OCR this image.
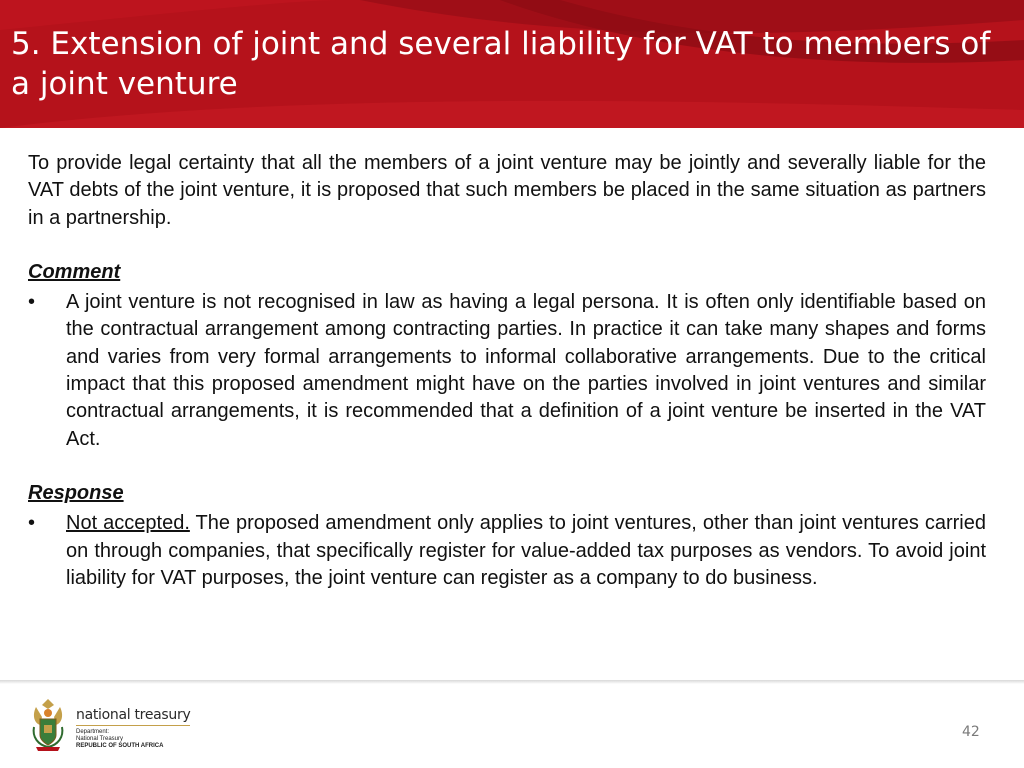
5. Extension of joint and several liability for VAT to members of a joint venture

To provide legal certainty that all the members of a joint venture may be jointly and severally liable for the VAT debts of the joint venture, it is proposed that such members be placed in the same situation as partners in a partnership.

Comment
•	A joint venture is not recognised in law as having a legal persona. It is often only identifiable based on the contractual arrangement among contracting parties. In practice it can take many shapes and forms and varies from very formal arrangements to informal collaborative arrangements. Due to the critical impact that this proposed amendment might have on the parties involved in joint ventures and similar contractual arrangements, it is recommended that a definition of a joint venture be inserted in the VAT Act.
Response
•	Not accepted. The proposed amendment only applies to joint ventures, other than joint ventures carried on through companies, that specifically register for value-added tax purposes as vendors. To avoid joint liability for VAT purposes, the joint venture can register as a company to do business.
national treasury
Department:
National Treasury
REPUBLIC OF SOUTH AFRICA
42
